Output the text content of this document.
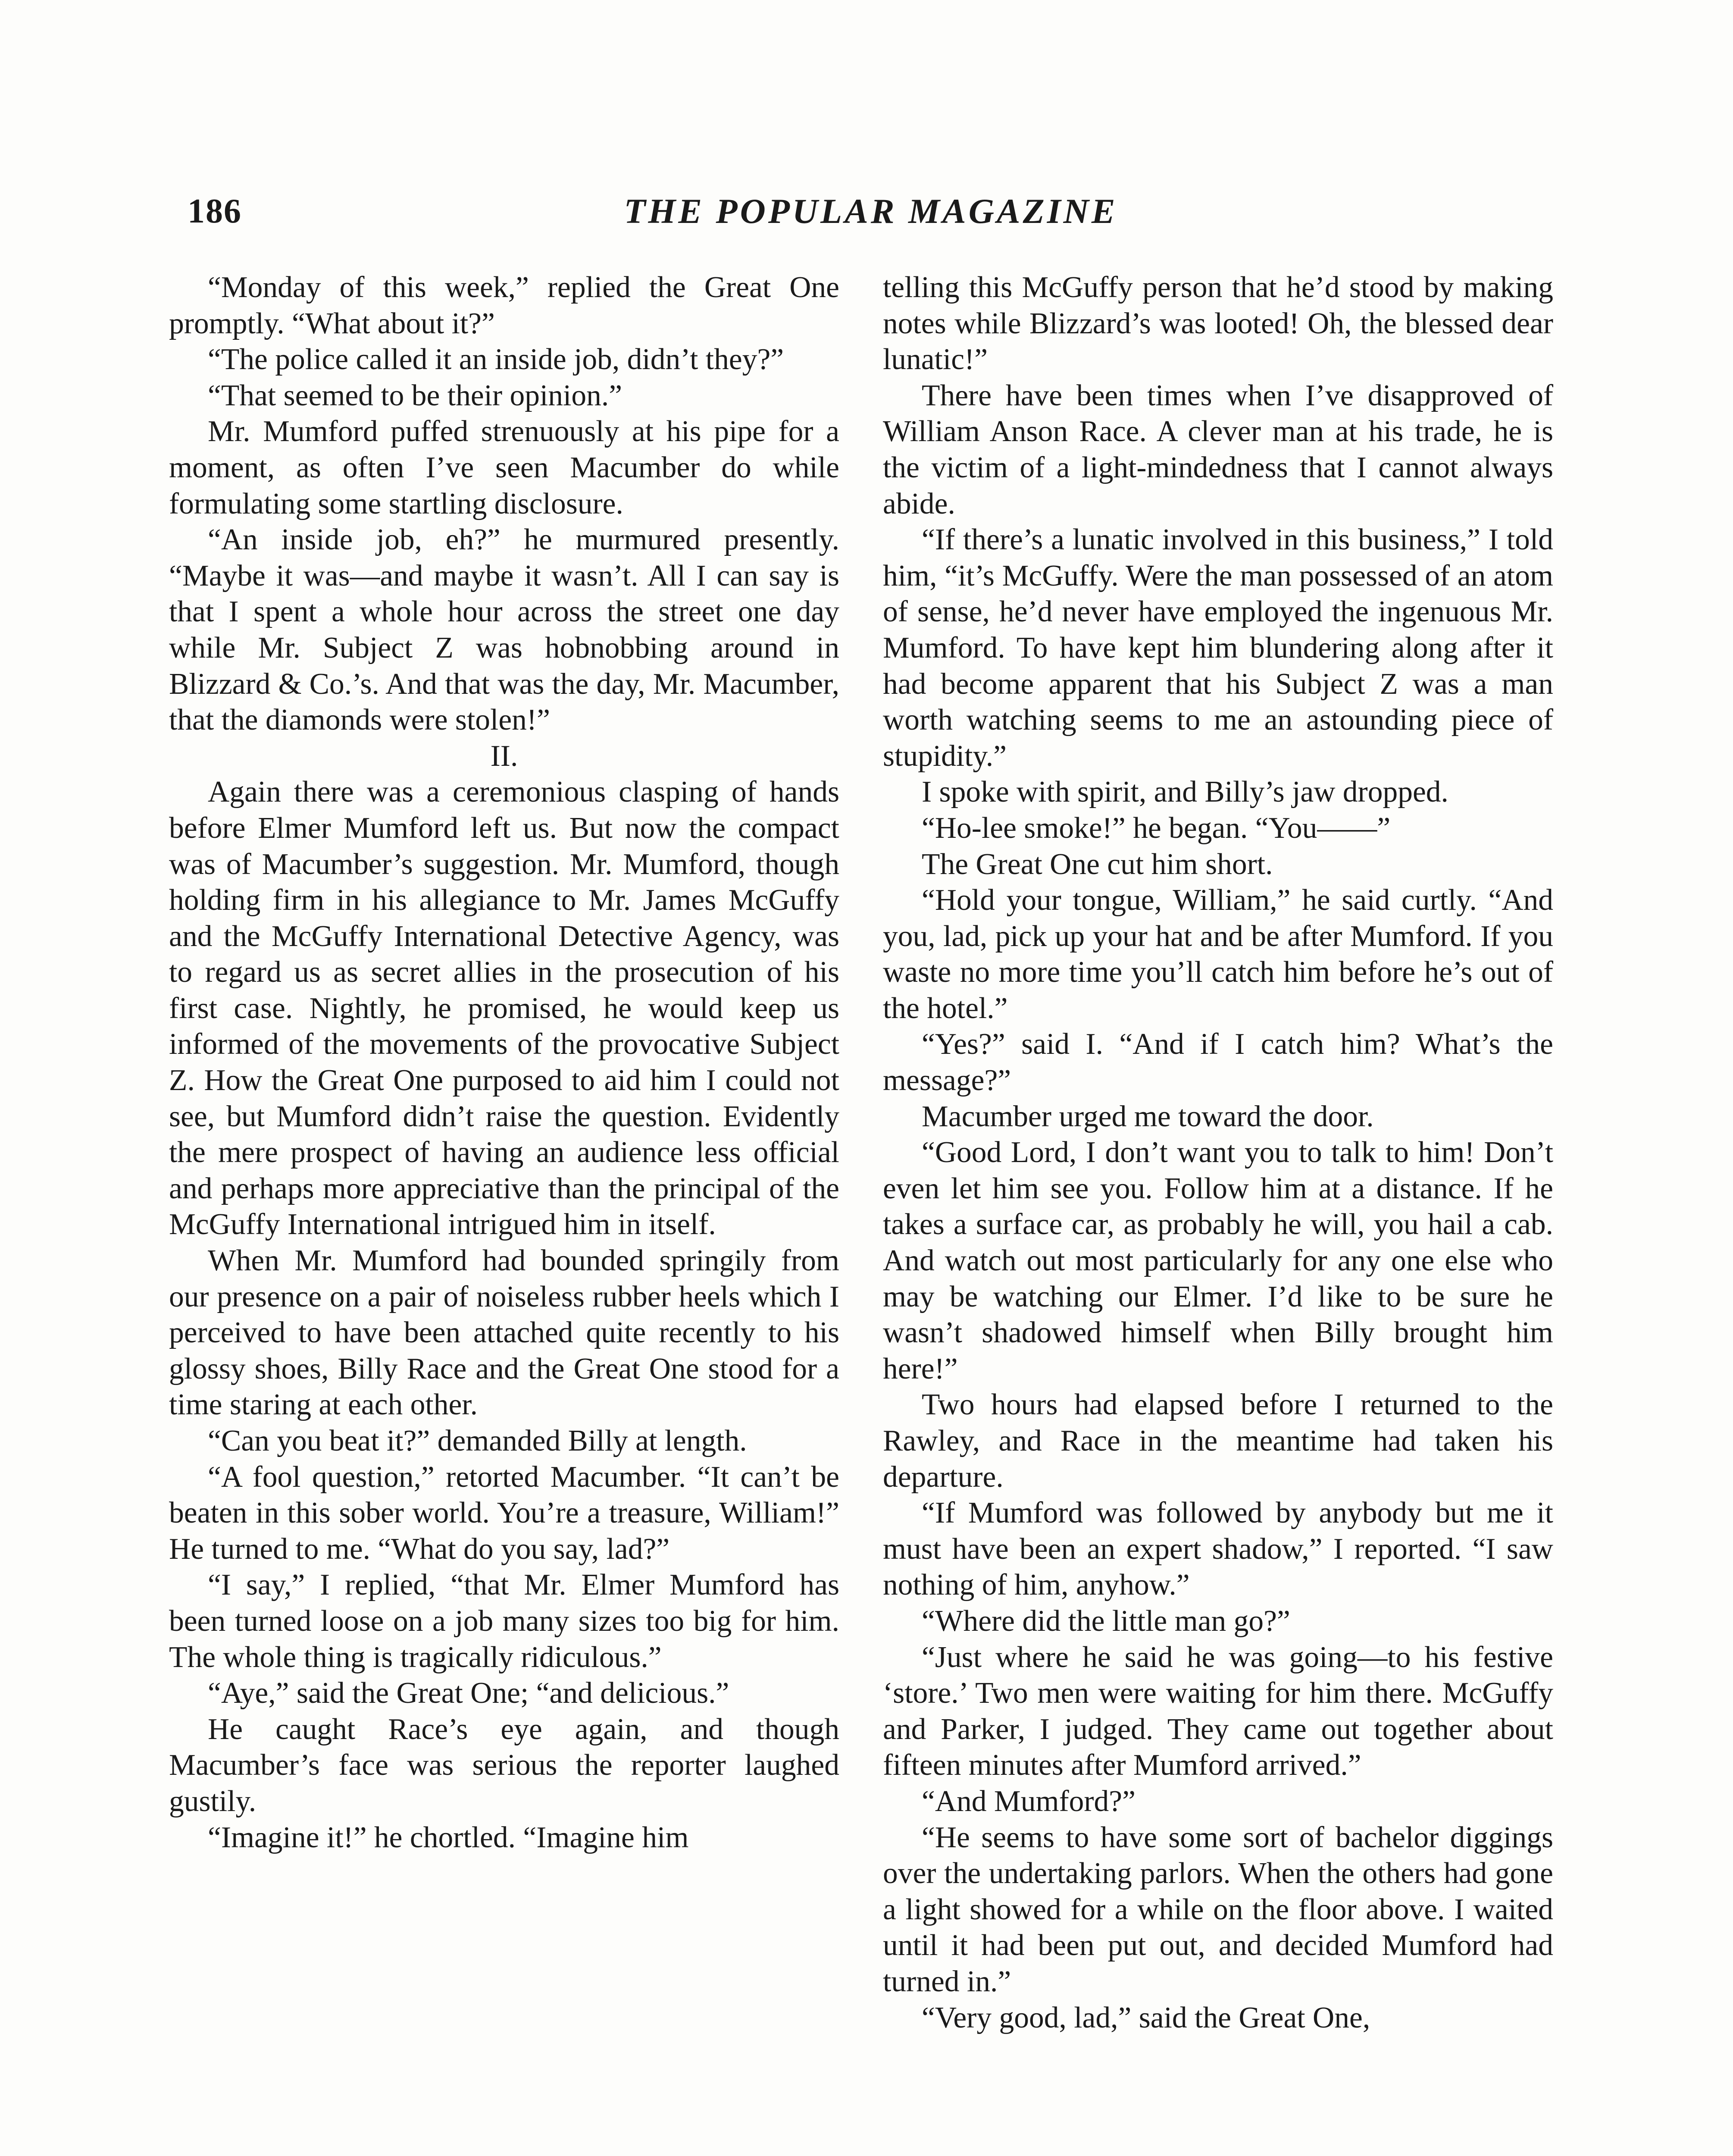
186	THE POPULAR MAGAZINE

“Monday of this week,” replied the Great One promptly. “What about it?”

“The police called it an inside job, didn’t they?”

“That seemed to be their opinion.”

Mr. Mumford puffed strenuously at his pipe for a moment, as often I’ve seen Macumber do while formulating some startling disclosure.

“An inside job, eh?” he murmured presently. “Maybe it was—and maybe it wasn’t. All I can say is that I spent a whole hour across the street one day while Mr. Subject Z was hobnobbing around in Blizzard & Co.’s. And that was the day, Mr. Macumber, that the diamonds were stolen!”

II.

Again there was a ceremonious clasping of hands before Elmer Mumford left us. But now the compact was of Macumber’s suggestion. Mr. Mumford, though holding firm in his allegiance to Mr. James McGuffy and the McGuffy International Detective Agency, was to regard us as secret allies in the prosecution of his first case. Nightly, he promised, he would keep us informed of the movements of the provocative Subject Z. How the Great One purposed to aid him I could not see, but Mumford didn’t raise the question. Evidently the mere prospect of having an audience less official and perhaps more appreciative than the principal of the McGuffy International intrigued him in itself.

When Mr. Mumford had bounded springily from our presence on a pair of noiseless rubber heels which I perceived to have been attached quite recently to his glossy shoes, Billy Race and the Great One stood for a time staring at each other.

“Can you beat it?” demanded Billy at length.

“A fool question,” retorted Macumber. “It can’t be beaten in this sober world. You’re a treasure, William!” He turned to me. “What do you say, lad?”

“I say,” I replied, “that Mr. Elmer Mumford has been turned loose on a job many sizes too big for him. The whole thing is tragically ridiculous.”

“Aye,” said the Great One; “and delicious.”

He caught Race’s eye again, and though Macumber’s face was serious the reporter laughed gustily.

“Imagine it!” he chortled. “Imagine him

telling this McGuffy person that he’d stood by making notes while Blizzard’s was looted! Oh, the blessed dear lunatic!”

There have been times when I’ve disapproved of William Anson Race. A clever man at his trade, he is the victim of a light-mindedness that I cannot always abide.

“If there’s a lunatic involved in this business,” I told him, “it’s McGuffy. Were the man possessed of an atom of sense, he’d never have employed the ingenuous Mr. Mumford. To have kept him blundering along after it had become apparent that his Subject Z was a man worth watching seems to me an astounding piece of stupidity.”

I spoke with spirit, and Billy’s jaw dropped.

“Ho-lee smoke!” he began. “You——”

The Great One cut him short.

“Hold your tongue, William,” he said curtly. “And you, lad, pick up your hat and be after Mumford. If you waste no more time you’ll catch him before he’s out of the hotel.”

“Yes?” said I. “And if I catch him? What’s the message?”

Macumber urged me toward the door.

“Good Lord, I don’t want you to talk to him! Don’t even let him see you. Follow him at a distance. If he takes a surface car, as probably he will, you hail a cab. And watch out most particularly for any one else who may be watching our Elmer. I’d like to be sure he wasn’t shadowed himself when Billy brought him here!”

Two hours had elapsed before I returned to the Rawley, and Race in the meantime had taken his departure.

“If Mumford was followed by anybody but me it must have been an expert shadow,” I reported. “I saw nothing of him, anyhow.”

“Where did the little man go?”

“Just where he said he was going—to his festive ‘store.’ Two men were waiting for him there. McGuffy and Parker, I judged. They came out together about fifteen minutes after Mumford arrived.”

“And Mumford?”

“He seems to have some sort of bachelor diggings over the undertaking parlors. When the others had gone a light showed for a while on the floor above. I waited until it had been put out, and decided Mumford had turned in.”

“Very good, lad,” said the Great One,
